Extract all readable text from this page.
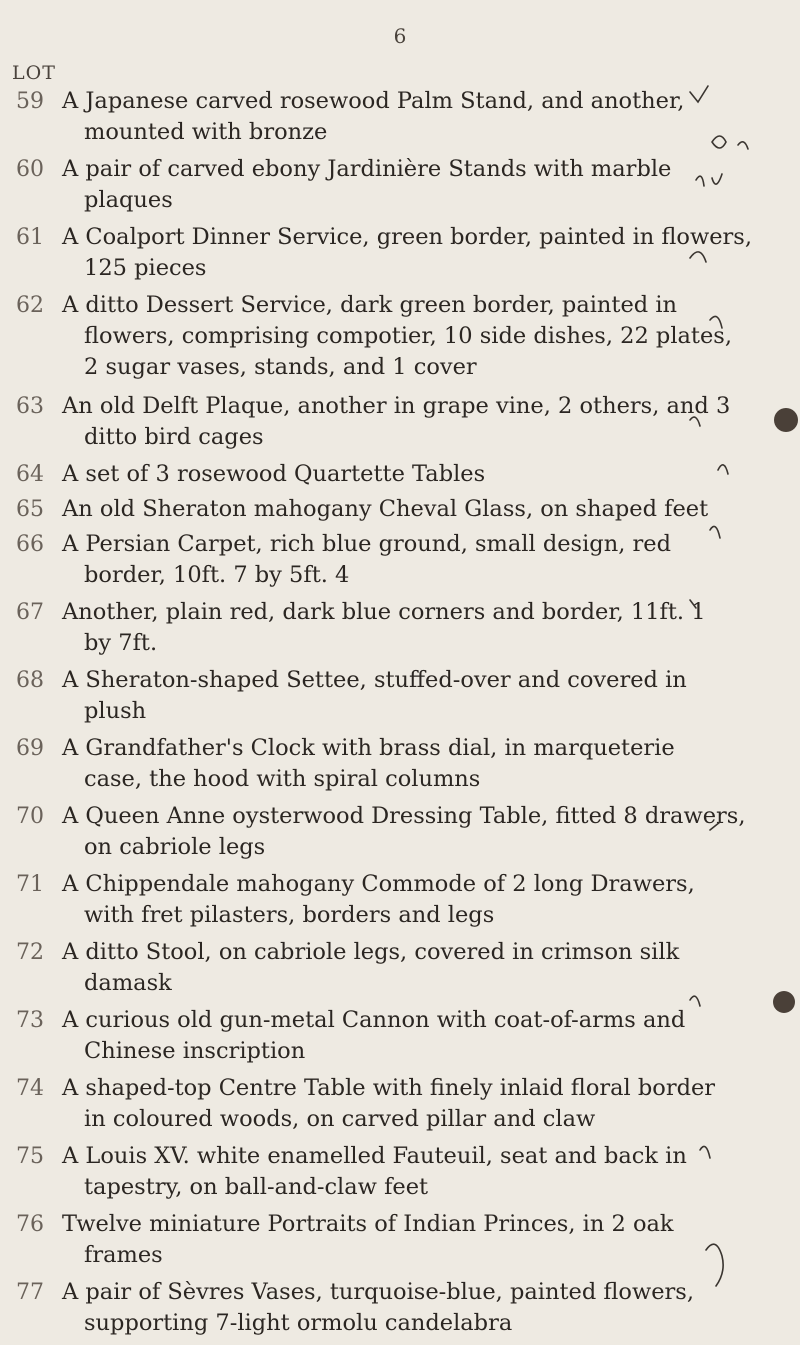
6
LOT
59 A Japanese carved rosewood Palm Stand, and another,
mounted with bronze
60 A pair of carved ebony Jardinière Stands with marble
plaques
61 A Coalport Dinner Service, green border, painted in flowers,
125 pieces
62 A ditto Dessert Service, dark green border, painted in
flowers, comprising compotier, 10 side dishes, 22 plates,
2 sugar vases, stands, and 1 cover
63 An old Delft Plaque, another in grape vine, 2 others, and 3
ditto bird cages
64 A set of 3 rosewood Quartette Tables
65 An old Sheraton mahogany Cheval Glass, on shaped feet
66 A Persian Carpet, rich blue ground, small design, red
border, 10ft. 7 by 5ft. 4
67 Another, plain red, dark blue corners and border, 11ft. 1
by 7ft.
68 A Sheraton-shaped Settee, stuffed-over and covered in
plush
69 A Grandfather's Clock with brass dial, in marqueterie
case, the hood with spiral columns
70 A Queen Anne oysterwood Dressing Table, fitted 8 drawers,
on cabriole legs
71 A Chippendale mahogany Commode of 2 long Drawers,
with fret pilasters, borders and legs
72 A ditto Stool, on cabriole legs, covered in crimson silk
damask
73 A curious old gun-metal Cannon with coat-of-arms and
Chinese inscription
74 A shaped-top Centre Table with finely inlaid floral border
in coloured woods, on carved pillar and claw
75 A Louis XV. white enamelled Fauteuil, seat and back in
tapestry, on ball-and-claw feet
76 Twelve miniature Portraits of Indian Princes, in 2 oak
frames
77 A pair of Sèvres Vases, turquoise-blue, painted flowers,
supporting 7-light ormolu candelabra
